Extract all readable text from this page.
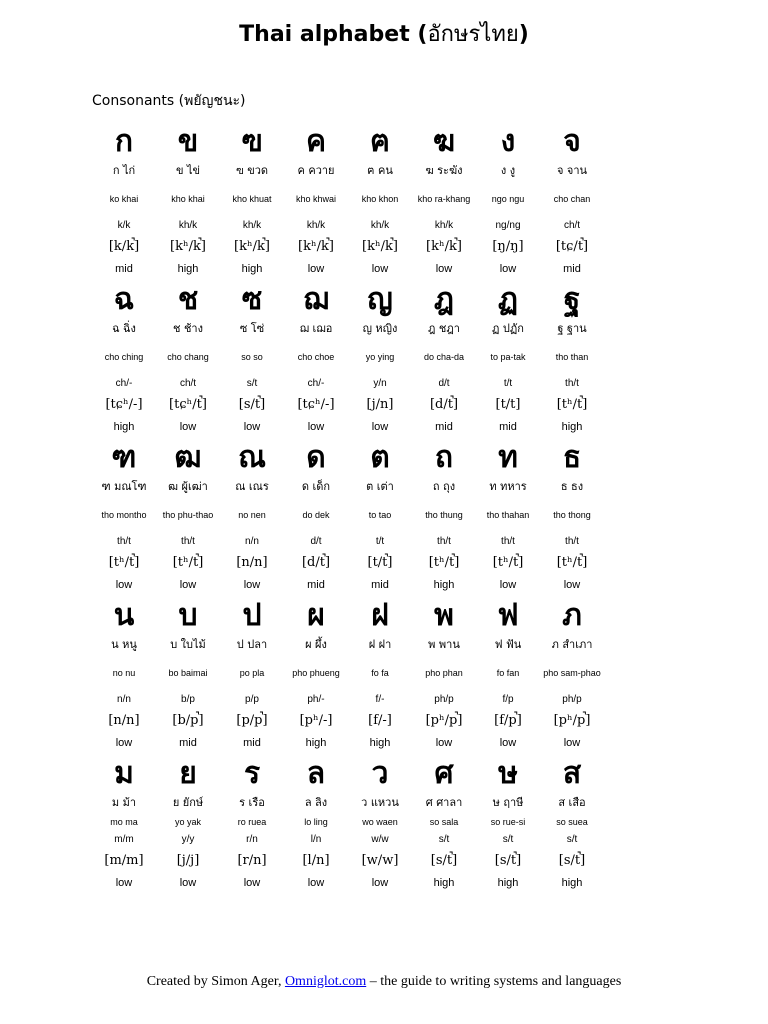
Thai alphabet (อักษรไทย)
Consonants (พยัญชนะ)
ก
ก ไก่
ko khai
k/k
[k/k̚]
mid
ข
ข ไข่
kho khai
kh/k
[kʰ/k̚]
high
ฃ
ฃ ขวด
kho khuat
kh/k
[kʰ/k̚]
high
ค
ค ควาย
kho khwai
kh/k
[kʰ/k̚]
low
ฅ
ฅ คน
kho khon
kh/k
[kʰ/k̚]
low
ฆ
ฆ ระฆัง
kho ra-khang
kh/k
[kʰ/k̚]
low
ง
ง งู
ngo ngu
ng/ng
[ŋ/ŋ]
low
จ
จ จาน
cho chan
ch/t
[tɕ/t̚]
mid
ฉ
ฉ ฉิ่ง
cho ching
ch/-
[tɕʰ/-]
high
ช
ช ช้าง
cho chang
ch/t
[tɕʰ/t̚]
low
ซ
ซ โซ่
so so
s/t
[s/t̚]
low
ฌ
ฌ เฌอ
cho choe
ch/-
[tɕʰ/-]
low
ญ
ญ หญิง
yo ying
y/n
[j/n]
low
ฎ
ฎ ชฎา
do cha-da
d/t
[d/t̚]
mid
ฏ
ฏ ปฏัก
to pa-tak
t/t
[t/t]
mid
ฐ
ฐ ฐาน
tho than
th/t
[tʰ/t̚]
high
ฑ
ฑ มณโฑ
tho montho
th/t
[tʰ/t̚]
low
ฒ
ฒ ผู้เฒ่า
tho phu-thao
th/t
[tʰ/t̚]
low
ณ
ณ เณร
no nen
n/n
[n/n]
low
ด
ด เด็ก
do dek
d/t
[d/t̚]
mid
ต
ต เต่า
to tao
t/t
[t/t̚]
mid
ถ
ถ ถุง
tho thung
th/t
[tʰ/t̚]
high
ท
ท ทหาร
tho thahan
th/t
[tʰ/t̚]
low
ธ
ธ ธง
tho thong
th/t
[tʰ/t̚]
low
น
น หนู
no nu
n/n
[n/n]
low
บ
บ ใบไม้
bo baimai
b/p
[b/p̚]
mid
ป
ป ปลา
po pla
p/p
[p/p̚]
mid
ผ
ผ ผึ้ง
pho phueng
ph/-
[pʰ/-]
high
ฝ
ฝ ฝา
fo fa
f/-
[f/-]
high
พ
พ พาน
pho phan
ph/p
[pʰ/p̚]
low
ฟ
ฟ ฟัน
fo fan
f/p
[f/p̚]
low
ภ
ภ สำเภา
pho sam-phao
ph/p
[pʰ/p̚]
low
ม
ม ม้า
mo ma
m/m
[m/m]
low
ย
ย ยักษ์
yo yak
y/y
[j/j]
low
ร
ร เรือ
ro ruea
r/n
[r/n]
low
ล
ล ลิง
lo ling
l/n
[l/n]
low
ว
ว แหวน
wo waen
w/w
[w/w]
low
ศ
ศ ศาลา
so sala
s/t
[s/t̚]
high
ษ
ษ ฤาษี
so rue-si
s/t
[s/t̚]
high
ส
ส เสือ
so suea
s/t
[s/t̚]
high
Created by Simon Ager, Omniglot.com – the guide to writing systems and languages
